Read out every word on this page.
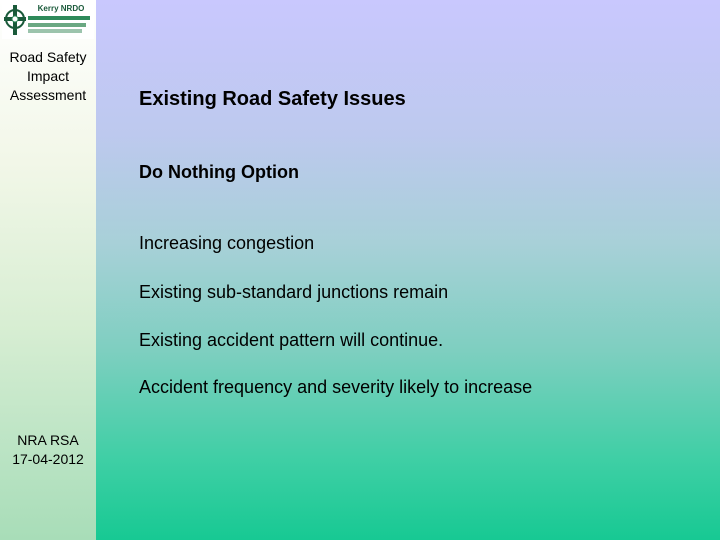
Kerry NRDO
Road Safety
Impact
Assessment
NRA RSA
17-04-2012
Existing Road Safety Issues
Do Nothing Option
Increasing congestion
Existing sub-standard junctions remain
Existing accident pattern will continue.
Accident frequency and severity likely to increase
